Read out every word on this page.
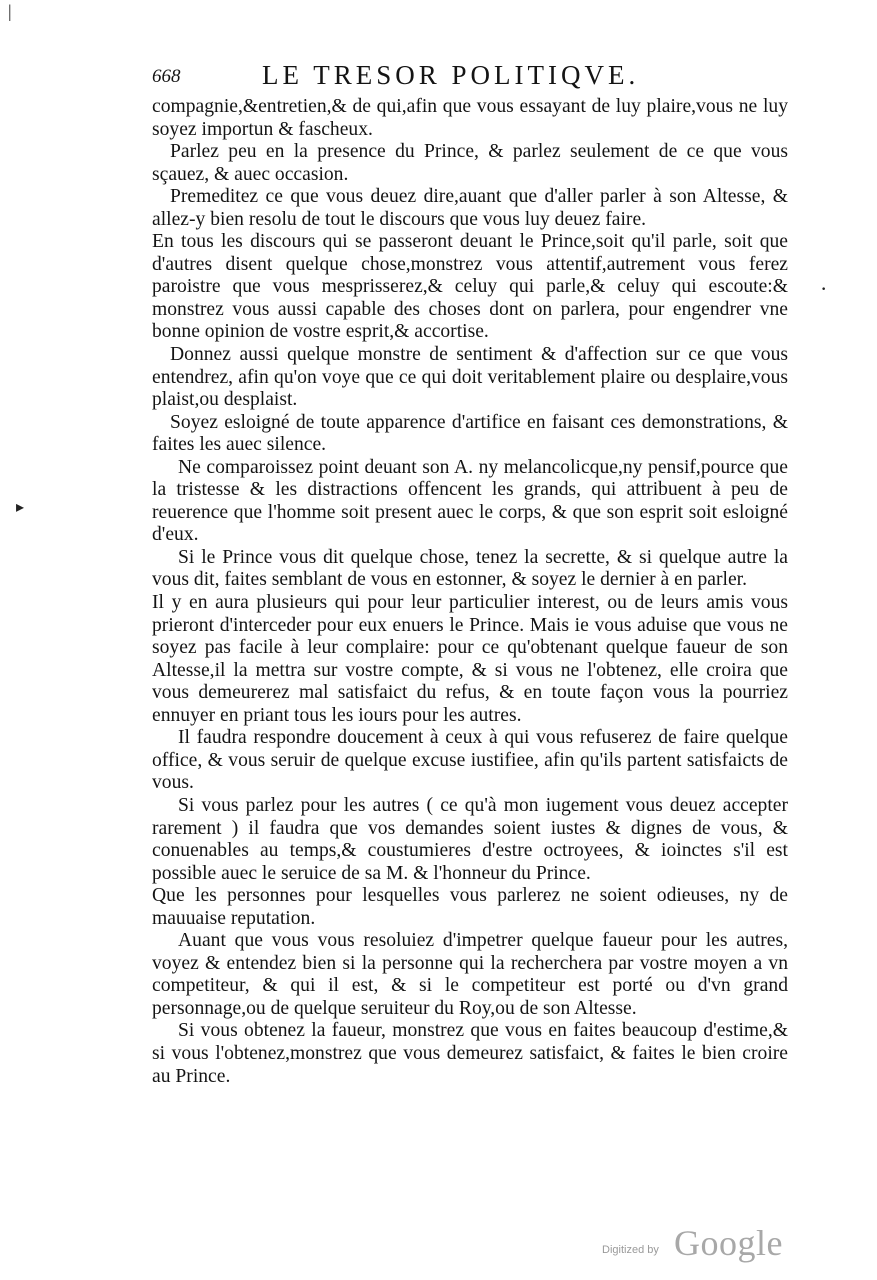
|
·
▸
668	LE TRESOR POLITIQVE.

compagnie,&entretien,& de qui,afin que vous essayant de luy plaire,vous ne luy soyez importun & fascheux.

Parlez peu en la presence du Prince, & parlez seulement de ce que vous sçauez, & auec occasion.

Premeditez ce que vous deuez dire,auant que d'aller parler à son Altesse, & allez-y bien resolu de tout le discours que vous luy deuez faire.

En tous les discours qui se passeront deuant le Prince,soit qu'il parle, soit que d'autres disent quelque chose,monstrez vous attentif,autrement vous ferez paroistre que vous mesprisserez,& celuy qui parle,& celuy qui escoute:& monstrez vous aussi capable des choses dont on parlera, pour engendrer vne bonne opinion de vostre esprit,& accortise.

Donnez aussi quelque monstre de sentiment & d'affection sur ce que vous entendrez, afin qu'on voye que ce qui doit veritablement plaire ou desplaire,vous plaist,ou desplaist.

Soyez esloigné de toute apparence d'artifice en faisant ces demonstrations, & faites les auec silence.

Ne comparoissez point deuant son A. ny melancolicque,ny pensif,pource que la tristesse & les distractions offencent les grands, qui attribuent à peu de reuerence que l'homme soit present auec le corps, & que son esprit soit esloigné d'eux.

Si le Prince vous dit quelque chose, tenez la secrette, & si quelque autre la vous dit, faites semblant de vous en estonner, & soyez le dernier à en parler.

Il y en aura plusieurs qui pour leur particulier interest, ou de leurs amis vous prieront d'interceder pour eux enuers le Prince. Mais ie vous aduise que vous ne soyez pas facile à leur complaire: pour ce qu'obtenant quelque faueur de son Altesse,il la mettra sur vostre compte, & si vous ne l'obtenez, elle croira que vous demeurerez mal satisfaict du refus, & en toute façon vous la pourriez ennuyer en priant tous les iours pour les autres.

Il faudra respondre doucement à ceux à qui vous refuserez de faire quelque office, & vous seruir de quelque excuse iustifiee, afin qu'ils partent satisfaicts de vous.

Si vous parlez pour les autres ( ce qu'à mon iugement vous deuez accepter rarement ) il faudra que vos demandes soient iustes & dignes de vous, & conuenables au temps,& coustumieres d'estre octroyees, & ioinctes s'il est possible auec le seruice de sa M. & l'honneur du Prince.

Que les personnes pour lesquelles vous parlerez ne soient odieuses, ny de mauuaise reputation.

Auant que vous vous resoluiez d'impetrer quelque faueur pour les autres, voyez & entendez bien si la personne qui la recherchera par vostre moyen a vn competiteur, & qui il est, & si le competiteur est porté ou d'vn grand personnage,ou de quelque seruiteur du Roy,ou de son Altesse.

Si vous obtenez la faueur, monstrez que vous en faites beaucoup d'estime,& si vous l'obtenez,monstrez que vous demeurez satisfaict, & faites le bien croire au Prince.

Digitized by Google
